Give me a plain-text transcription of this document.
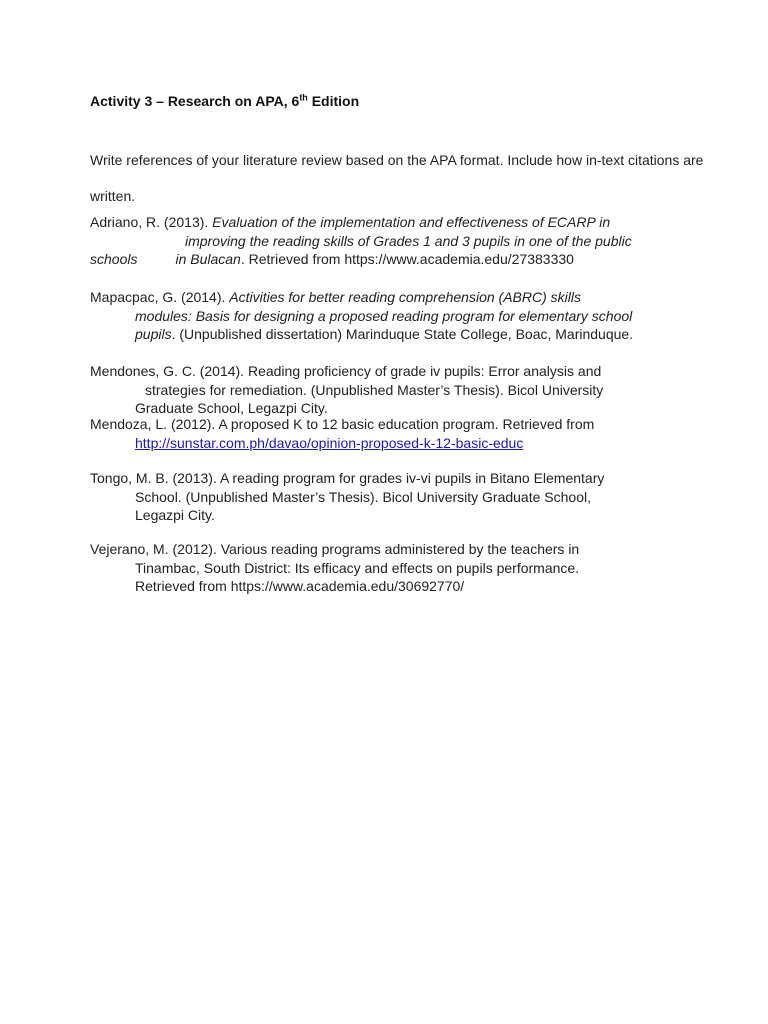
Activity 3 – Research on APA, 6th Edition
Write references of your literature review based on the APA format. Include how in-text citations are written.
Adriano, R. (2013). Evaluation of the implementation and effectiveness of ECARP in
improving the reading skills of Grades 1 and 3 pupils in one of the public
schools	in Bulacan. Retrieved from https://www.academia.edu/27383330
Mapacpac, G. (2014). Activities for better reading comprehension (ABRC) skills
modules: Basis for designing a proposed reading program for elementary school
pupils. (Unpublished dissertation) Marinduque State College, Boac, Marinduque.
Mendones, G. C. (2014). Reading proficiency of grade iv pupils: Error analysis and
strategies for remediation. (Unpublished Master’s Thesis). Bicol University
Graduate School, Legazpi City.
Mendoza, L. (2012). A proposed K to 12 basic education program. Retrieved from
http://sunstar.com.ph/davao/opinion-proposed-k-12-basic-educ
Tongo, M. B. (2013). A reading program for grades iv-vi pupils in Bitano Elementary
School. (Unpublished Master’s Thesis). Bicol University Graduate School,
Legazpi City.
Vejerano, M. (2012). Various reading programs administered by the teachers in
Tinambac, South District: Its efficacy and effects on pupils performance.
Retrieved from https://www.academia.edu/30692770/
